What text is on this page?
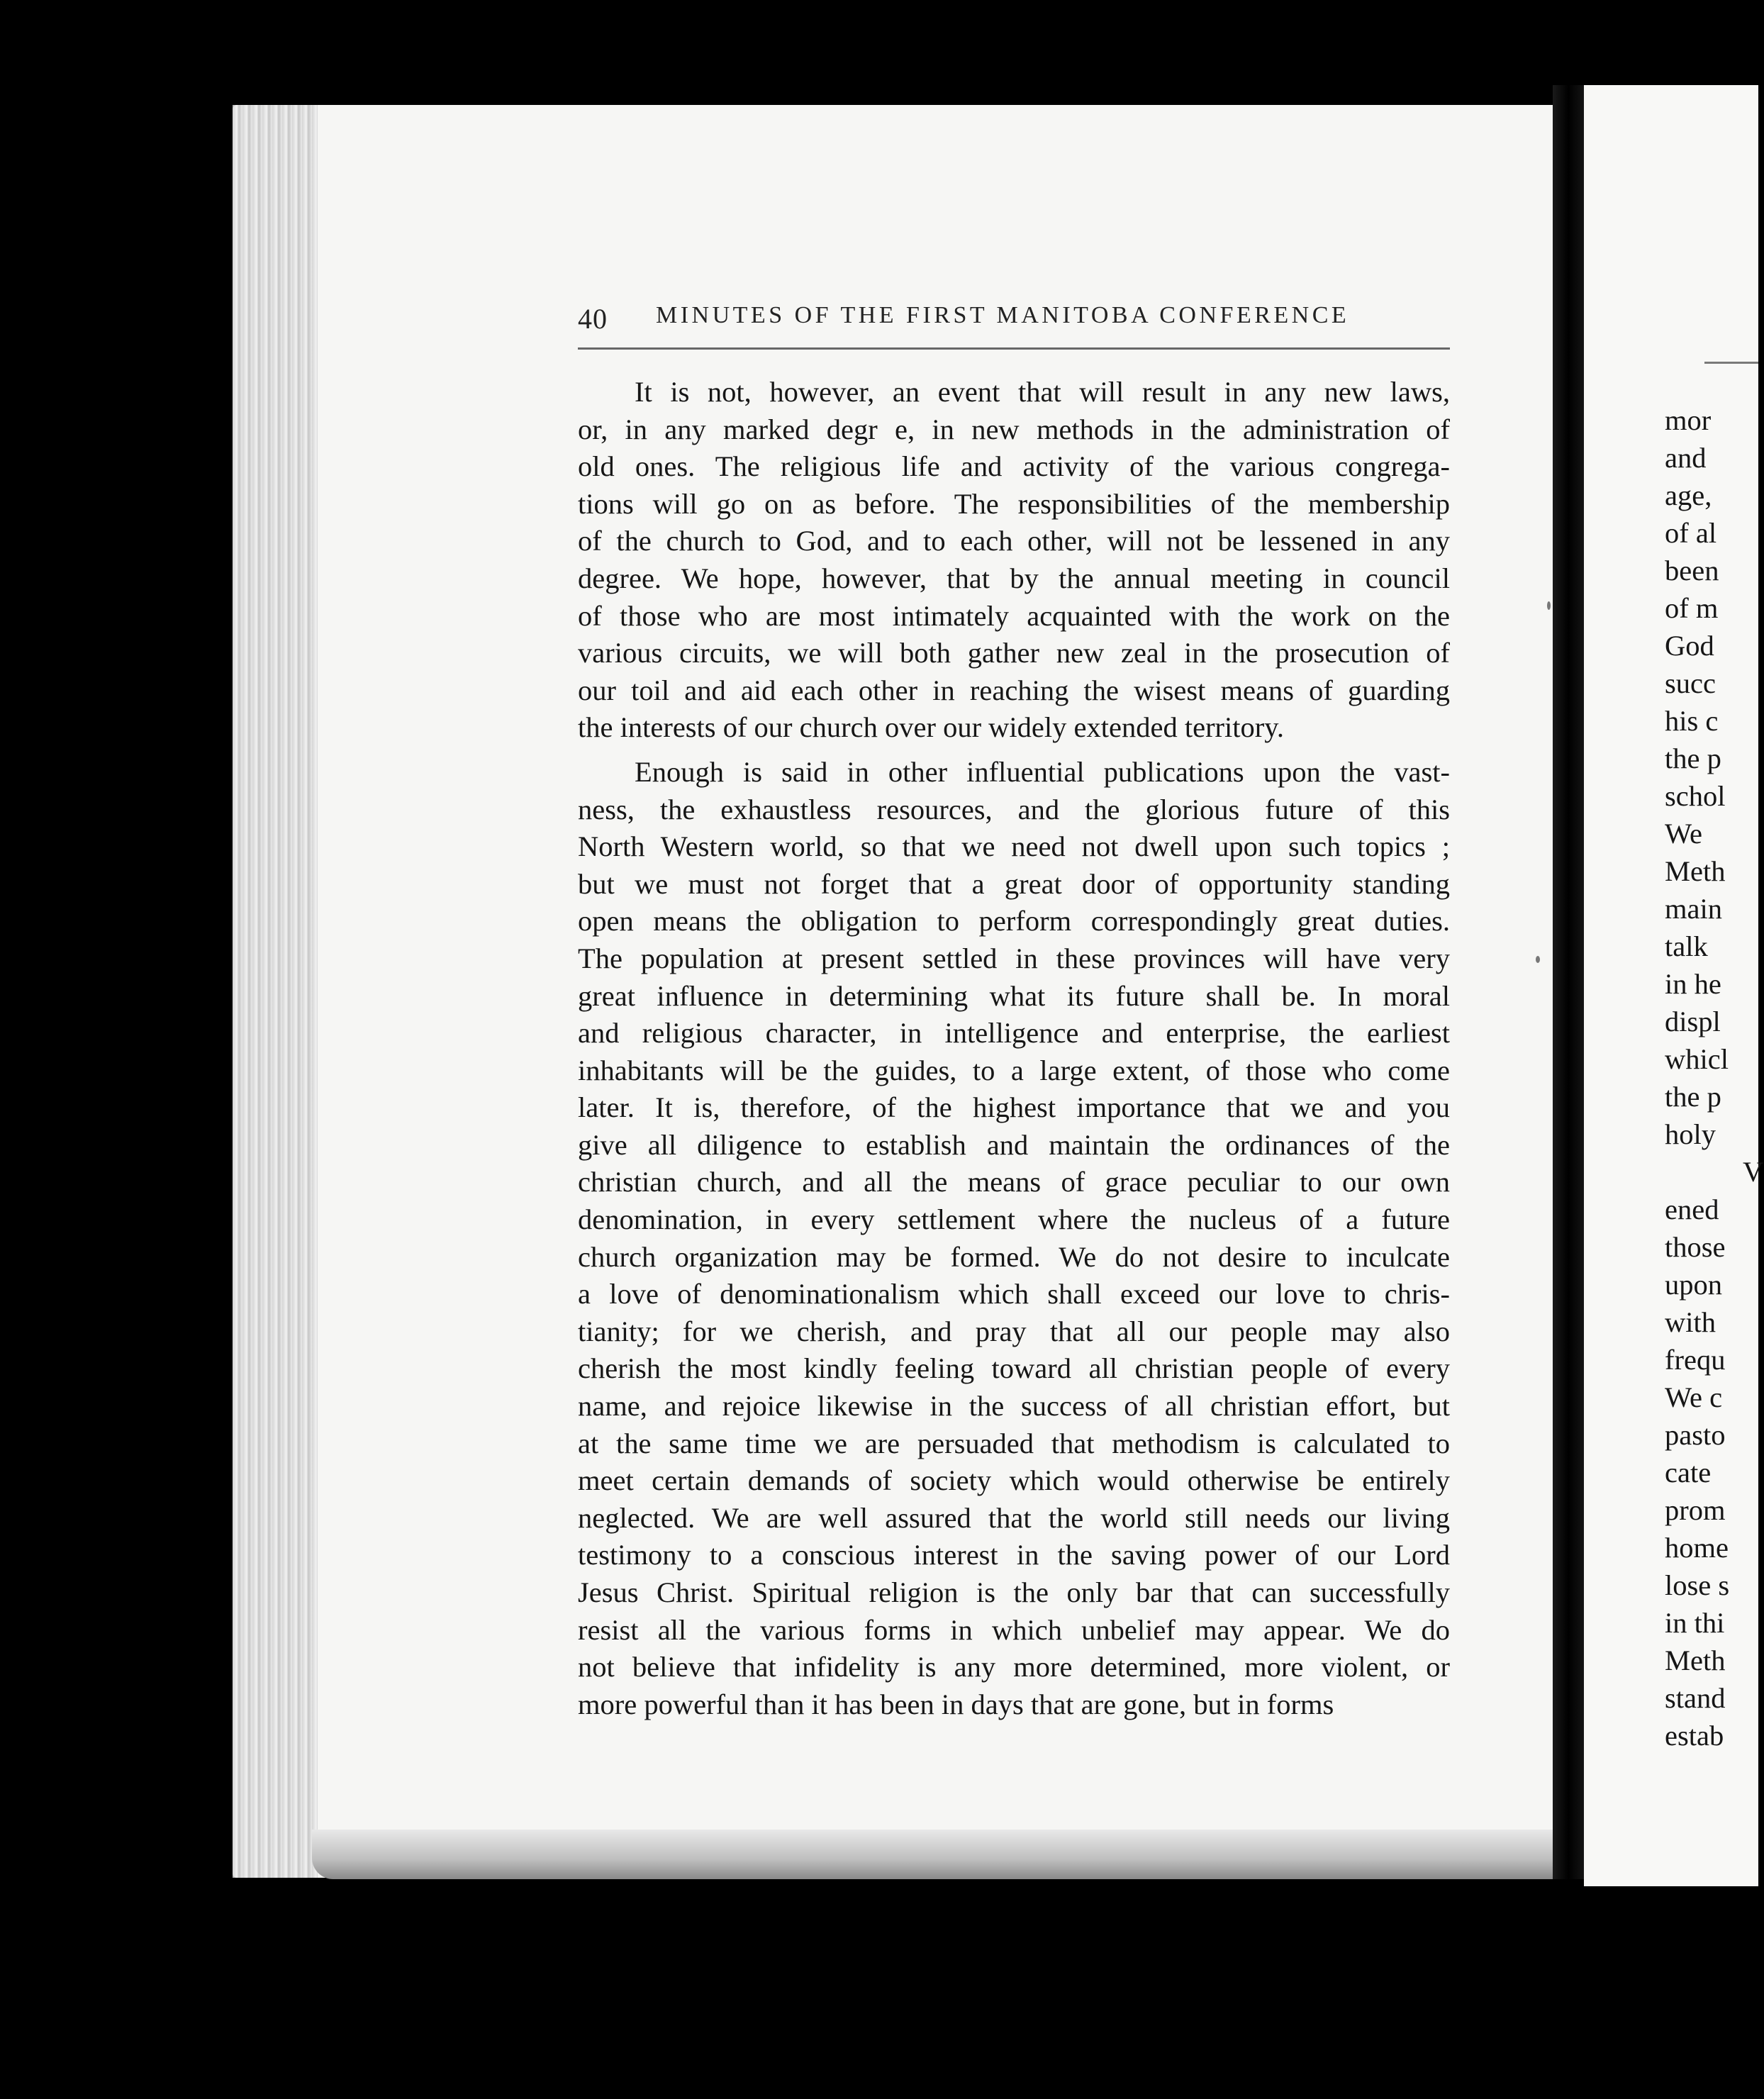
40 MINUTES OF THE FIRST MANITOBA CONFERENCE
It is not, however, an event that will result in any new laws,
or, in any marked degr e, in new methods in the administration of
old ones. The religious life and activity of the various congrega-
tions will go on as before. The responsibilities of the membership
of the church to God, and to each other, will not be lessened in any
degree. We hope, however, that by the annual meeting in council
of those who are most intimately acquainted with the work on the
various circuits, we will both gather new zeal in the prosecution of
our toil and aid each other in reaching the wisest means of guarding
the interests of our church over our widely extended territory.
Enough is said in other influential publications upon the vast-
ness, the exhaustless resources, and the glorious future of this
North Western world, so that we need not dwell upon such topics ;
but we must not forget that a great door of opportunity standing
open means the obligation to perform correspondingly great duties.
The population at present settled in these provinces will have very
great influence in determining what its future shall be. In moral
and religious character, in intelligence and enterprise, the earliest
inhabitants will be the guides, to a large extent, of those who come
later. It is, therefore, of the highest importance that we and you
give all diligence to establish and maintain the ordinances of the
christian church, and all the means of grace peculiar to our own
denomination, in every settlement where the nucleus of a future
church organization may be formed. We do not desire to inculcate
a love of denominationalism which shall exceed our love to chris-
tianity; for we cherish, and pray that all our people may also
cherish the most kindly feeling toward all christian people of every
name, and rejoice likewise in the success of all christian effort, but
at the same time we are persuaded that methodism is calculated to
meet certain demands of society which would otherwise be entirely
neglected. We are well assured that the world still needs our living
testimony to a conscious interest in the saving power of our Lord
Jesus Christ. Spiritual religion is the only bar that can successfully
resist all the various forms in which unbelief may appear. We do
not believe that infidelity is any more determined, more violent, or
more powerful than it has been in days that are gone, but in forms
mor
and
age,
of al
been
of m
God
succ
his c
the p
schol
We
Meth
main
talk
in he
displ
whicl
the p
holy
V
ened
those
upon
with
frequ
We c
pasto
cate
prom
home
lose s
in thi
Meth
stand
estab
